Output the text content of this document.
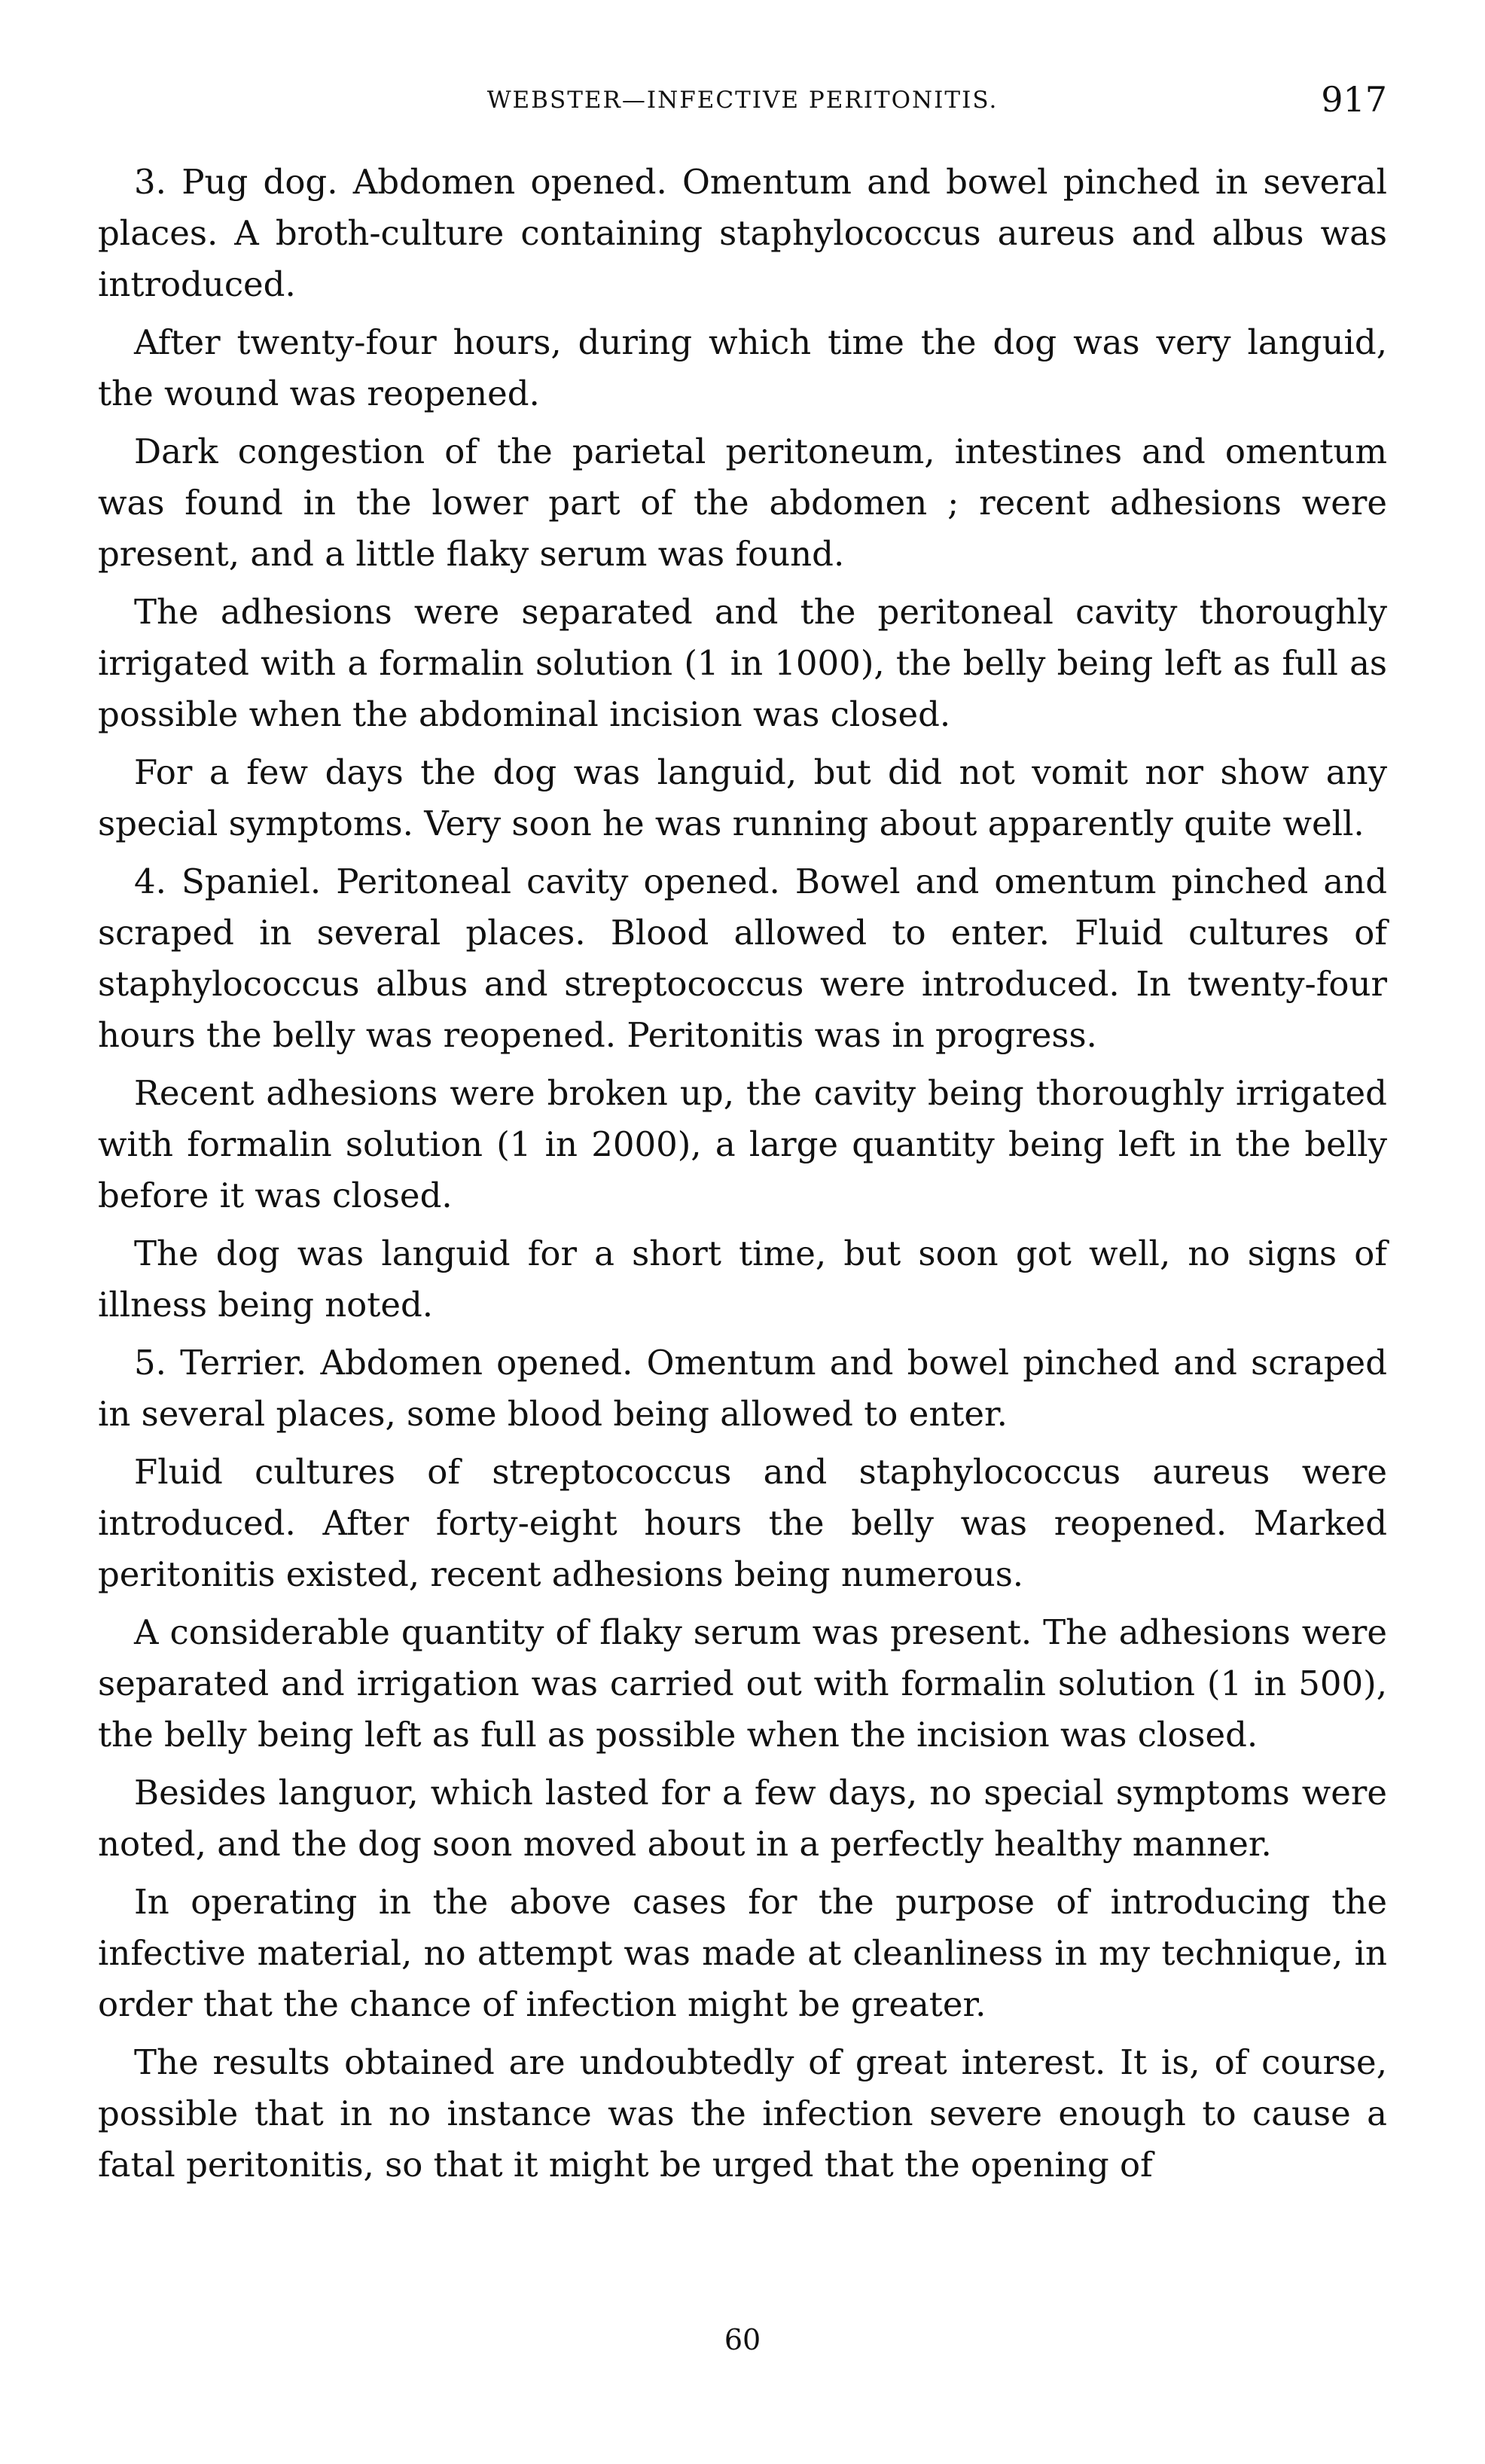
WEBSTER—INFECTIVE PERITONITIS.	917

3. Pug dog. Abdomen opened. Omentum and bowel pinched in several places. A broth-culture containing staphylococcus aureus and albus was introduced.

After twenty-four hours, during which time the dog was very languid, the wound was reopened.

Dark congestion of the parietal peritoneum, intestines and omentum was found in the lower part of the abdomen ; recent adhesions were present, and a little flaky serum was found.

The adhesions were separated and the peritoneal cavity thoroughly irrigated with a formalin solution (1 in 1000), the belly being left as full as possible when the abdominal incision was closed.

For a few days the dog was languid, but did not vomit nor show any special symptoms. Very soon he was running about apparently quite well.

4. Spaniel. Peritoneal cavity opened. Bowel and omentum pinched and scraped in several places. Blood allowed to enter. Fluid cultures of staphylococcus albus and streptococcus were introduced. In twenty-four hours the belly was reopened. Peritonitis was in progress.

Recent adhesions were broken up, the cavity being thoroughly irrigated with formalin solution (1 in 2000), a large quantity being left in the belly before it was closed.

The dog was languid for a short time, but soon got well, no signs of illness being noted.

5. Terrier. Abdomen opened. Omentum and bowel pinched and scraped in several places, some blood being allowed to enter.

Fluid cultures of streptococcus and staphylococcus aureus were introduced. After forty-eight hours the belly was reopened. Marked peritonitis existed, recent adhesions being numerous.

A considerable quantity of flaky serum was present. The adhesions were separated and irrigation was carried out with formalin solution (1 in 500), the belly being left as full as possible when the incision was closed.

Besides languor, which lasted for a few days, no special symptoms were noted, and the dog soon moved about in a perfectly healthy manner.

In operating in the above cases for the purpose of introducing the infective material, no attempt was made at cleanliness in my technique, in order that the chance of infection might be greater.

The results obtained are undoubtedly of great interest. It is, of course, possible that in no instance was the infection severe enough to cause a fatal peritonitis, so that it might be urged that the opening of

60
